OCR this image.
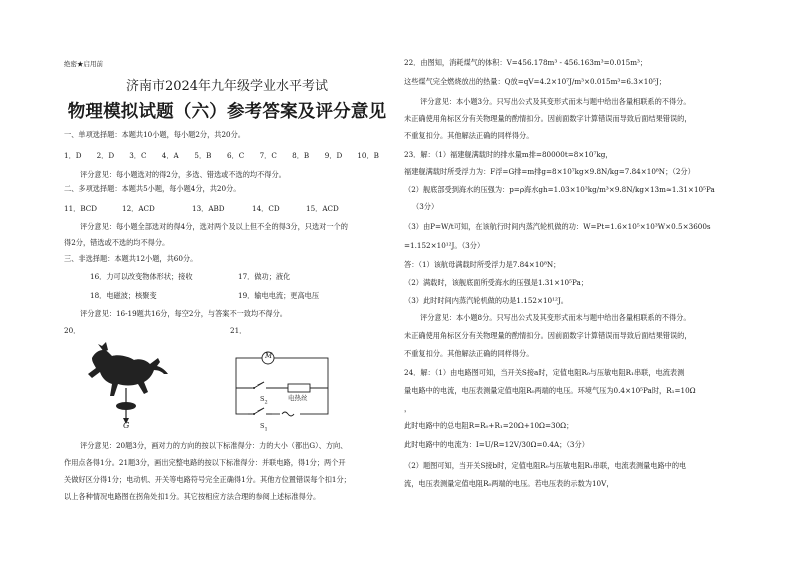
绝密★启用前
济南市2024年九年级学业水平考试
物理模拟试题（六）参考答案及评分意见
一、单项选择题：本题共10小题，每小题2分，共20分。
1．D	2．D	3．C	4．A	5．B	6．C	7．C	8．B	9．D	10．B
评分意见：每小题选对的得2分，多选、错选或不选的均不得分。
二、多项选择题：本题共5小题，每小题4分，共20分。
11．BCD	12．ACD	13．ABD	14．CD	15．ACD
评分意见：每小题全部选对的得4分，选对两个及以上但不全的得3分，只选对一个的
得2分，错选或不选的均不得分。
三、非选择题：本题共12小题，共60分。
16．力可以改变物体形状；接收	17．做功；液化
18．电磁波；核聚变	19．输电电流；更高电压
评分意见：16-19题共16分，每空2分，与答案不一致均不得分。
20．	21．
G
M
$S_2$
$S_1$
电热丝
评分意见：20题3分，画对力的方向的按以下标准得分：力的大小（都出G）、方向、
作用点各得1分。21题3分，画出完整电路的按以下标准得分：并联电路，得1分；两个开
关做好区分得1分；电动机、开关等电路符号完全正确得1分。其他方位置错误每个扣1分；
以上各种情况电路图在拐角处扣1分。其它按相应方法合理的参阅上述标准得分。
22．由图知，消耗煤气的体积：V=456.178m³ - 456.163m³=0.015m³；
这些煤气完全燃烧放出的热量：Q放=qV=4.2×10⁷J/m³×0.015m³=6.3×10⁵J；
评分意见：本小题3分。只写出公式及其变形式而未与题中给出各量相联系的不得分。
未正确使用角标区分有关物理量的酌情扣分。因前面数字计算错误而导致后面结果错误的，
不重复扣分。其他解法正确的同样得分。
23．解：（1）福建舰满载时的排水量m排=80000t=8×10⁷kg，
福建舰满载时所受浮力为：F浮=G排=m排g=8×10⁷kg×9.8N/kg=7.84×10⁸N；（2分）
（2）舰底部受到海水的压强为：p=ρ海水gh=1.03×10³kg/m³×9.8N/kg×13m≈1.31×10⁵Pa
（3分）
（3）由P=W/t可知，在该航行时间内蒸汽轮机做的功：W=Pt=1.6×10⁵×10³W×0.5×3600s
=1.152×10¹²J。（3分）
答：（1）该航母满载时所受浮力是7.84×10⁸N；
（2）满载时，该舰底面所受海水的压强是1.31×10⁵Pa；
（3）此时时间内蒸汽轮机做的功是1.152×10¹²J。
评分意见：本小题8分。只写出公式及其变形式而未与题中给出各量相联系的不得分。
未正确使用角标区分有关物理量的酌情扣分。因前面数字计算错误而导致后面结果错误的，
不重复扣分。其他解法正确的同样得分。
24．解：（1）由电路图可知，当开关S接a时，定值电阻R₀与压敏电阻R₁串联，电流表测
量电路中的电流，电压表测量定值电阻R₀两端的电压。环境气压为0.4×10⁵Pa时，R₁=10Ω
，
此时电路中的总电阻R=R₀+R₁=20Ω+10Ω=30Ω；
此时电路中的电流为：I=U/R=12V/30Ω=0.4A；（3分）
（2）题图可知，当开关S接b时，定值电阻R₀与压敏电阻R₁串联，电流表测量电路中的电
流，电压表测量定值电阻R₀两端的电压。若电压表的示数为10V，
